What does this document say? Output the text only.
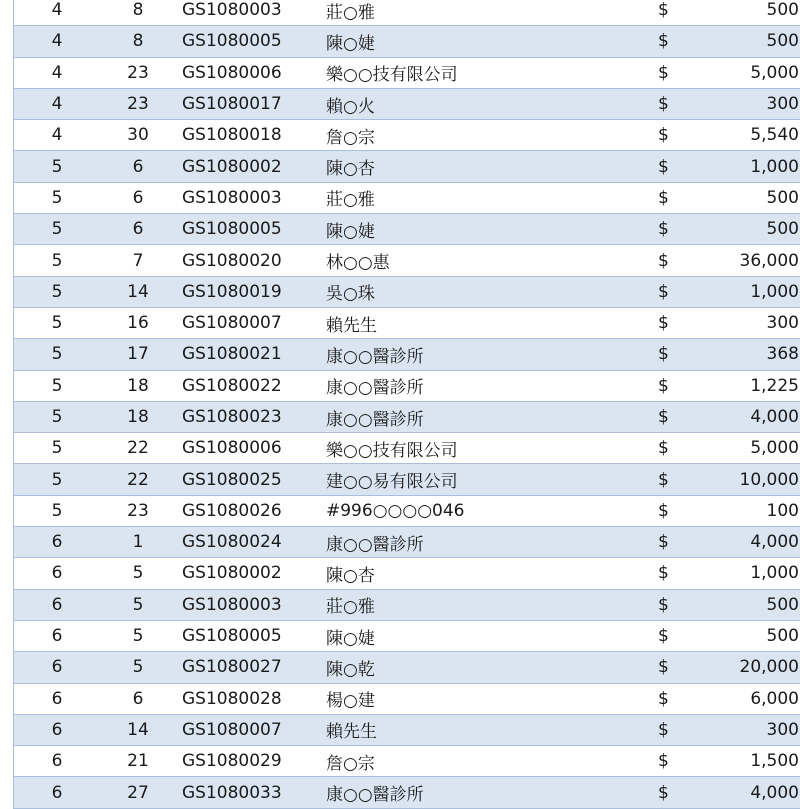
4	8	GS1080003	莊○雅	$	500
4	8	GS1080005	陳○婕	$	500
4	23	GS1080006	樂○○技有限公司	$	5,000
4	23	GS1080017	賴○火	$	300
4	30	GS1080018	詹○宗	$	5,540
5	6	GS1080002	陳○杏	$	1,000
5	6	GS1080003	莊○雅	$	500
5	6	GS1080005	陳○婕	$	500
5	7	GS1080020	林○○惠	$	36,000
5	14	GS1080019	吳○珠	$	1,000
5	16	GS1080007	賴先生	$	300
5	17	GS1080021	康○○醫診所	$	368
5	18	GS1080022	康○○醫診所	$	1,225
5	18	GS1080023	康○○醫診所	$	4,000
5	22	GS1080006	樂○○技有限公司	$	5,000
5	22	GS1080025	建○○易有限公司	$	10,000
5	23	GS1080026	#996○○○○046	$	100
6	1	GS1080024	康○○醫診所	$	4,000
6	5	GS1080002	陳○杏	$	1,000
6	5	GS1080003	莊○雅	$	500
6	5	GS1080005	陳○婕	$	500
6	5	GS1080027	陳○乾	$	20,000
6	6	GS1080028	楊○建	$	6,000
6	14	GS1080007	賴先生	$	300
6	21	GS1080029	詹○宗	$	1,500
6	27	GS1080033	康○○醫診所	$	4,000
